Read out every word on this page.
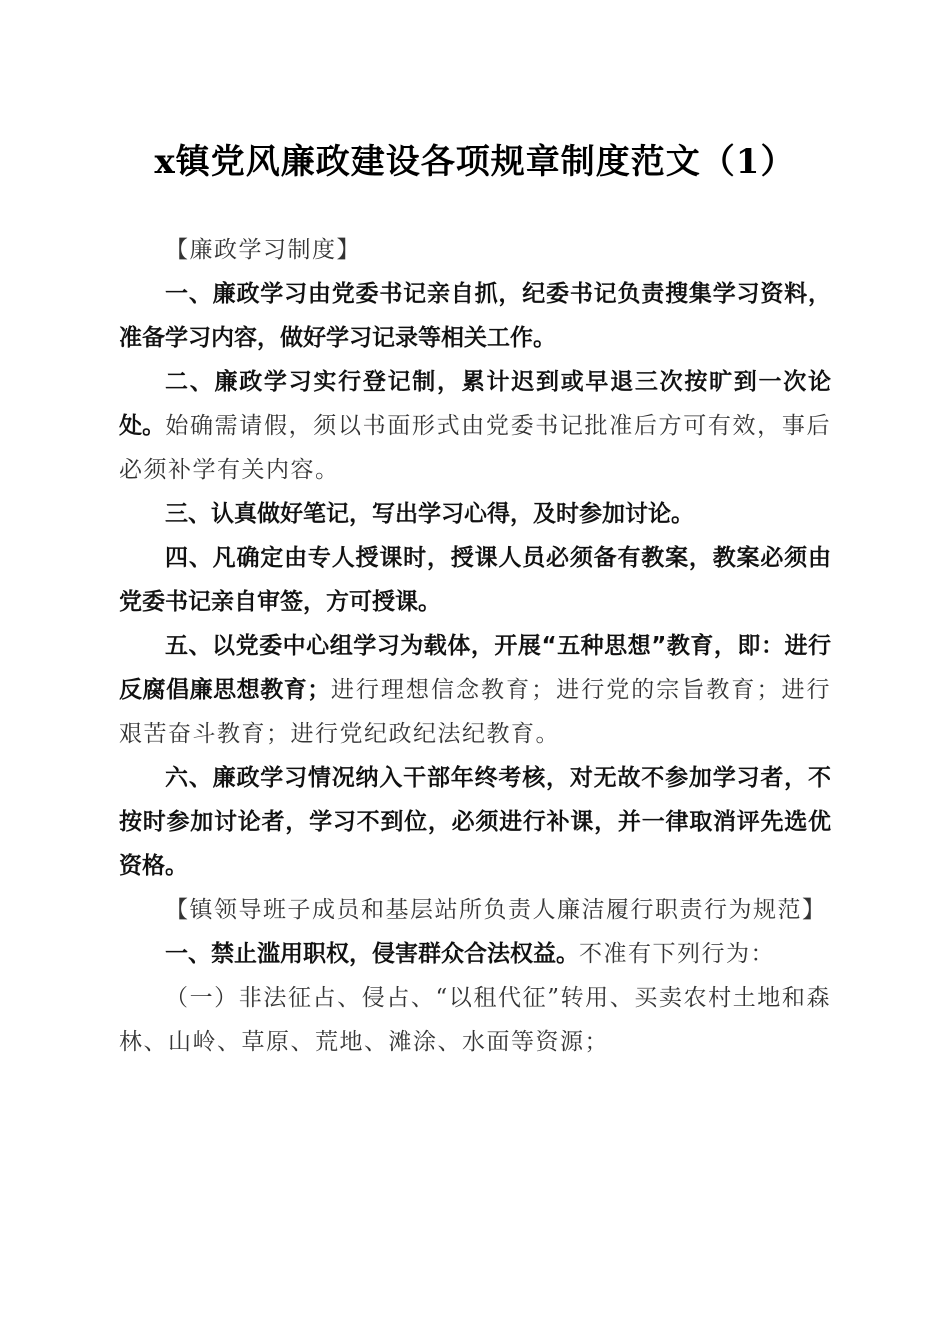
x镇党风廉政建设各项规章制度范文（1）

【廉政学习制度】

一、廉政学习由党委书记亲自抓，纪委书记负责搜集学习资料，准备学习内容，做好学习记录等相关工作。

二、廉政学习实行登记制，累计迟到或早退三次按旷到一次论处。始确需请假，须以书面形式由党委书记批准后方可有效，事后必须补学有关内容。

三、认真做好笔记，写出学习心得，及时参加讨论。

四、凡确定由专人授课时，授课人员必须备有教案，教案必须由党委书记亲自审签，方可授课。

五、以党委中心组学习为载体，开展“五种思想”教育，即：进行反腐倡廉思想教育；进行理想信念教育；进行党的宗旨教育；进行艰苦奋斗教育；进行党纪政纪法纪教育。

六、廉政学习情况纳入干部年终考核，对无故不参加学习者，不按时参加讨论者，学习不到位，必须进行补课，并一律取消评先选优资格。

【镇领导班子成员和基层站所负责人廉洁履行职责行为规范】

一、禁止滥用职权，侵害群众合法权益。不准有下列行为：

（一）非法征占、侵占、“以租代征”转用、买卖农村土地和森林、山岭、草原、荒地、滩涂、水面等资源；
